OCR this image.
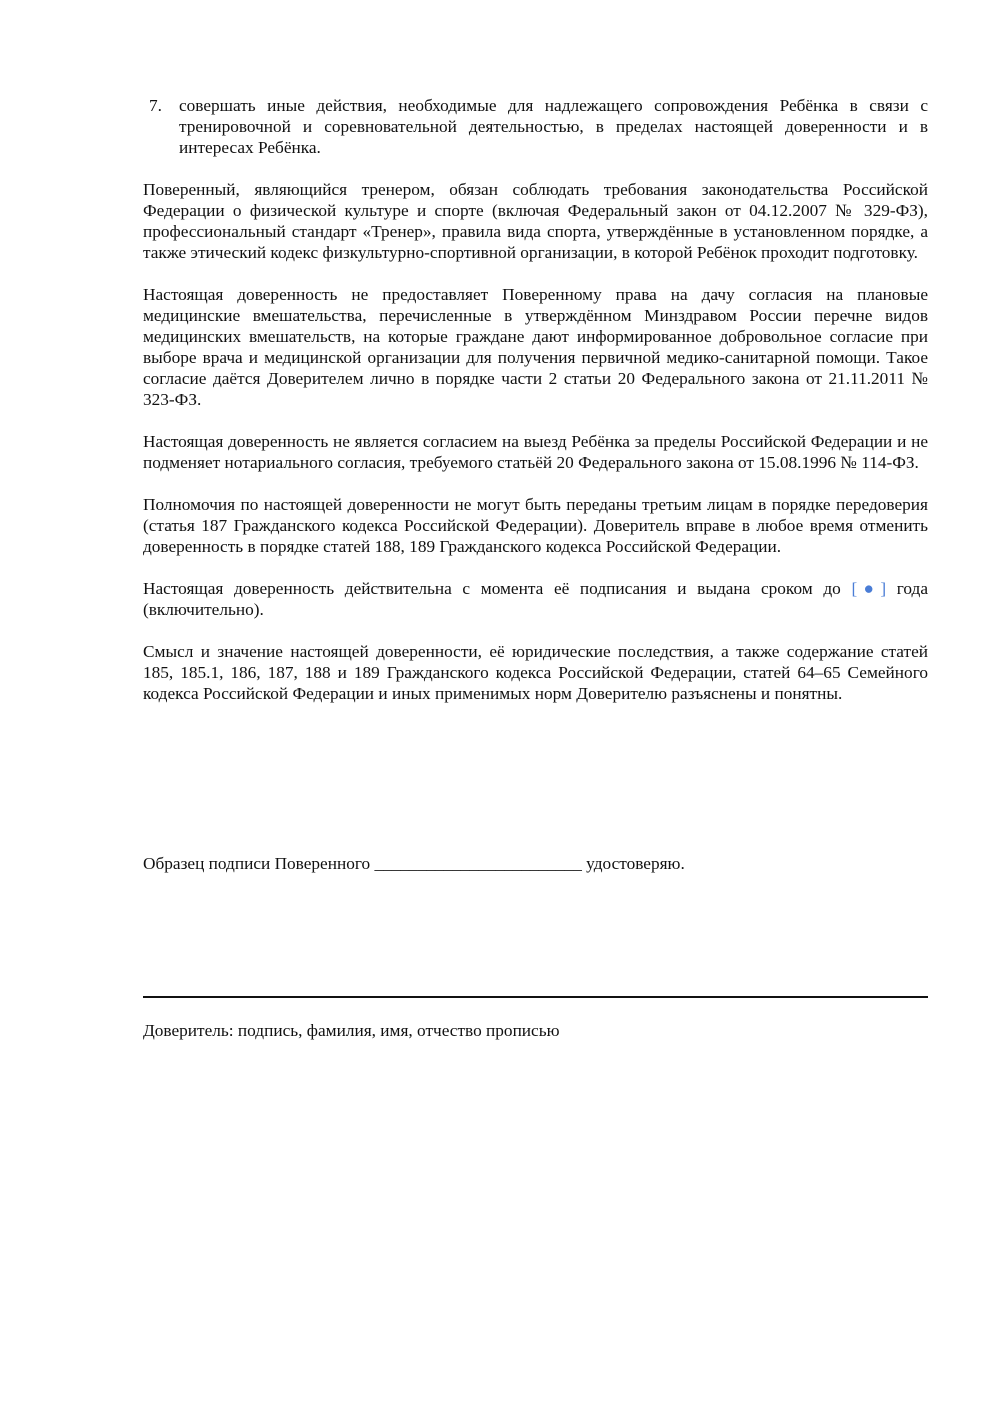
7. совершать иные действия, необходимые для надлежащего сопровождения Ребёнка в связи с тренировочной и соревновательной деятельностью, в пределах настоящей доверенности и в интересах Ребёнка.

Поверенный, являющийся тренером, обязан соблюдать требования законодательства Российской Федерации о физической культуре и спорте (включая Федеральный закон от 04.12.2007 № 329-ФЗ), профессиональный стандарт «Тренер», правила вида спорта, утверждённые в установленном порядке, а также этический кодекс физкультурно-спортивной организации, в которой Ребёнок проходит подготовку.

Настоящая доверенность не предоставляет Поверенному права на дачу согласия на плановые медицинские вмешательства, перечисленные в утверждённом Минздравом России перечне видов медицинских вмешательств, на которые граждане дают информированное добровольное согласие при выборе врача и медицинской организации для получения первичной медико-санитарной помощи. Такое согласие даётся Доверителем лично в порядке части 2 статьи 20 Федерального закона от 21.11.2011 № 323-ФЗ.

Настоящая доверенность не является согласием на выезд Ребёнка за пределы Российской Федерации и не подменяет нотариального согласия, требуемого статьёй 20 Федерального закона от 15.08.1996 № 114-ФЗ.

Полномочия по настоящей доверенности не могут быть переданы третьим лицам в порядке передоверия (статья 187 Гражданского кодекса Российской Федерации). Доверитель вправе в любое время отменить доверенность в порядке статей 188, 189 Гражданского кодекса Российской Федерации.

Настоящая доверенность действительна с момента её подписания и выдана сроком до [●] года (включительно).

Смысл и значение настоящей доверенности, её юридические последствия, а также содержание статей 185, 185.1, 186, 187, 188 и 189 Гражданского кодекса Российской Федерации, статей 64–65 Семейного кодекса Российской Федерации и иных применимых норм Доверителю разъяснены и понятны.

Образец подписи Поверенного ________________________ удостоверяю.
Доверитель: подпись, фамилия, имя, отчество прописью
